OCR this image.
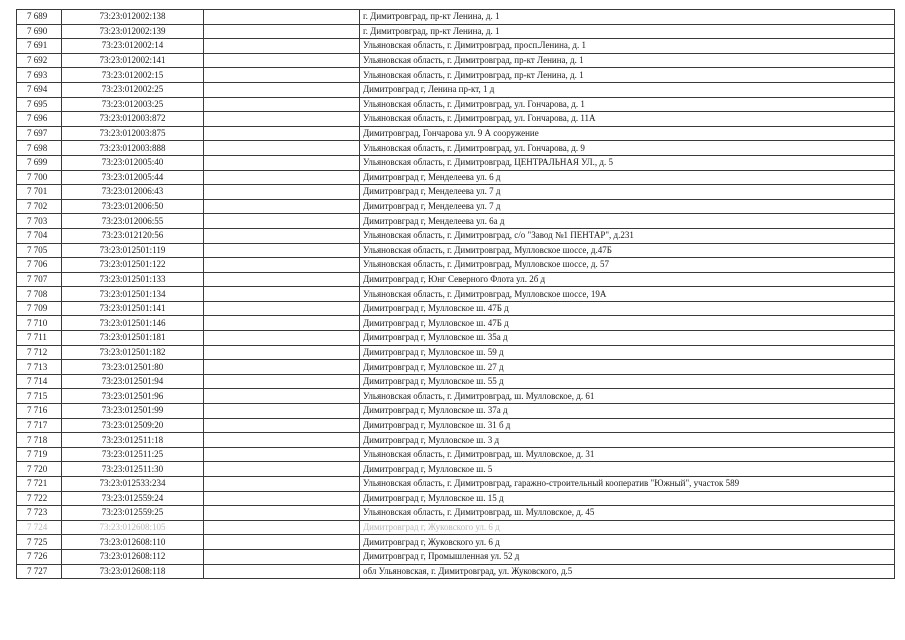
7 689	73:23:012002:138		г. Димитровград, пр-кт Ленина, д. 1
7 690	73:23:012002:139		г. Димитровград, пр-кт Ленина, д. 1
7 691	73:23:012002:14		Ульяновская область, г. Димитровград, просп.Ленина, д. 1
7 692	73:23:012002:141		Ульяновская область, г. Димитровград, пр-кт Ленина, д. 1
7 693	73:23:012002:15		Ульяновская область, г. Димитровград, пр-кт Ленина, д. 1
7 694	73:23:012002:25		Димитровград г, Ленина пр-кт, 1 д
7 695	73:23:012003:25		Ульяновская область, г. Димитровград, ул. Гончарова, д. 1
7 696	73:23:012003:872		Ульяновская область, г. Димитровград, ул. Гончарова, д. 11А
7 697	73:23:012003:875		Димитровград, Гончарова ул. 9 А сооружение
7 698	73:23:012003:888		Ульяновская область, г. Димитровград, ул. Гончарова, д. 9
7 699	73:23:012005:40		Ульяновская область, г. Димитровград, ЦЕНТРАЛЬНАЯ УЛ., д. 5
7 700	73:23:012005:44		Димитровград г, Менделеева ул. 6 д
7 701	73:23:012006:43		Димитровград г, Менделеева ул. 7 д
7 702	73:23:012006:50		Димитровград г, Менделеева ул. 7 д
7 703	73:23:012006:55		Димитровград г, Менделеева ул. 6а д
7 704	73:23:012120:56		Ульяновская область, г. Димитровград, с/о "Завод №1 ПЕНТАР", д.231
7 705	73:23:012501:119		Ульяновская область, г. Димитровград, Мулловское шоссе, д.47Б
7 706	73:23:012501:122		Ульяновская область, г. Димитровград, Мулловское шоссе, д. 57
7 707	73:23:012501:133		Димитровград г, Юнг Северного Флота ул. 2б д
7 708	73:23:012501:134		Ульяновская область, г. Димитровград, Мулловское шоссе, 19А
7 709	73:23:012501:141		Димитровград г, Мулловское ш. 47Б д
7 710	73:23:012501:146		Димитровград г, Мулловское ш. 47Б д
7 711	73:23:012501:181		Димитровград г, Мулловское ш. 35а д
7 712	73:23:012501:182		Димитровград г, Мулловское ш. 59 д
7 713	73:23:012501:80		Димитровград г, Мулловское ш. 27 д
7 714	73:23:012501:94		Димитровград г, Мулловское ш. 55 д
7 715	73:23:012501:96		Ульяновская область, г. Димитровград, ш. Мулловское, д. 61
7 716	73:23:012501:99		Димитровград г, Мулловское ш. 37а д
7 717	73:23:012509:20		Димитровград г, Мулловское ш. 31 б д
7 718	73:23:012511:18		Димитровград г, Мулловское ш. 3 д
7 719	73:23:012511:25		Ульяновская область, г. Димитровград, ш. Мулловское, д. 31
7 720	73:23:012511:30		Димитровград г, Мулловское ш. 5
7 721	73:23:012533:234		Ульяновская область, г. Димитровград, гаражно-строительный кооператив "Южный", участок 589
7 722	73:23:012559:24		Димитровград г, Мулловское ш. 15 д
7 723	73:23:012559:25		Ульяновская область, г. Димитровград, ш. Мулловское, д. 45
7 724	73:23:012608:105		Димитровград г, Жуковского ул. 6 д
7 725	73:23:012608:110		Димитровград г, Жуковского ул. 6 д
7 726	73:23:012608:112		Димитровград г, Промышленная ул. 52 д
7 727	73:23:012608:118		обл Ульяновская, г. Димитровград, ул. Жуковского, д.5
